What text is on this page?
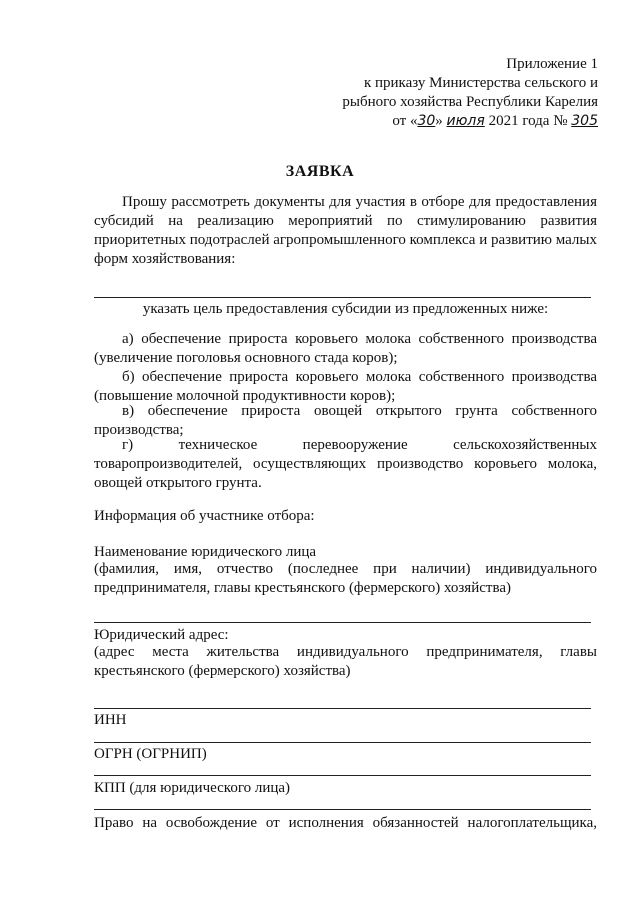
Приложение 1
к приказу Министерства сельского и
рыбного хозяйства Республики Карелия
от «30» июля 2021 года № 305
ЗАЯВКА
Прошу рассмотреть документы для участия в отборе для предоставления субсидий на реализацию мероприятий по стимулированию развития приоритетных подотраслей агропромышленного комплекса и развитию малых форм хозяйствования:
указать цель предоставления субсидии из предложенных ниже:
а) обеспечение прироста коровьего молока собственного производства (увеличение поголовья основного стада коров);
б) обеспечение прироста коровьего молока собственного производства (повышение молочной продуктивности коров);
в) обеспечение прироста овощей открытого грунта собственного производства;
г)	техническое	перевооружение	сельскохозяйственных
товаропроизводителей, осуществляющих производство коровьего молока, овощей открытого грунта.
Информация об участнике отбора:
Наименование юридического лица
(фамилия, имя, отчество (последнее при наличии) индивидуального предпринимателя, главы крестьянского (фермерского) хозяйства)
Юридический адрес:
(адрес места жительства индивидуального предпринимателя, главы крестьянского (фермерского) хозяйства)
ИНН
ОГРН (ОГРНИП)
КПП (для юридического лица)
Право на освобождение от исполнения обязанностей налогоплательщика,
